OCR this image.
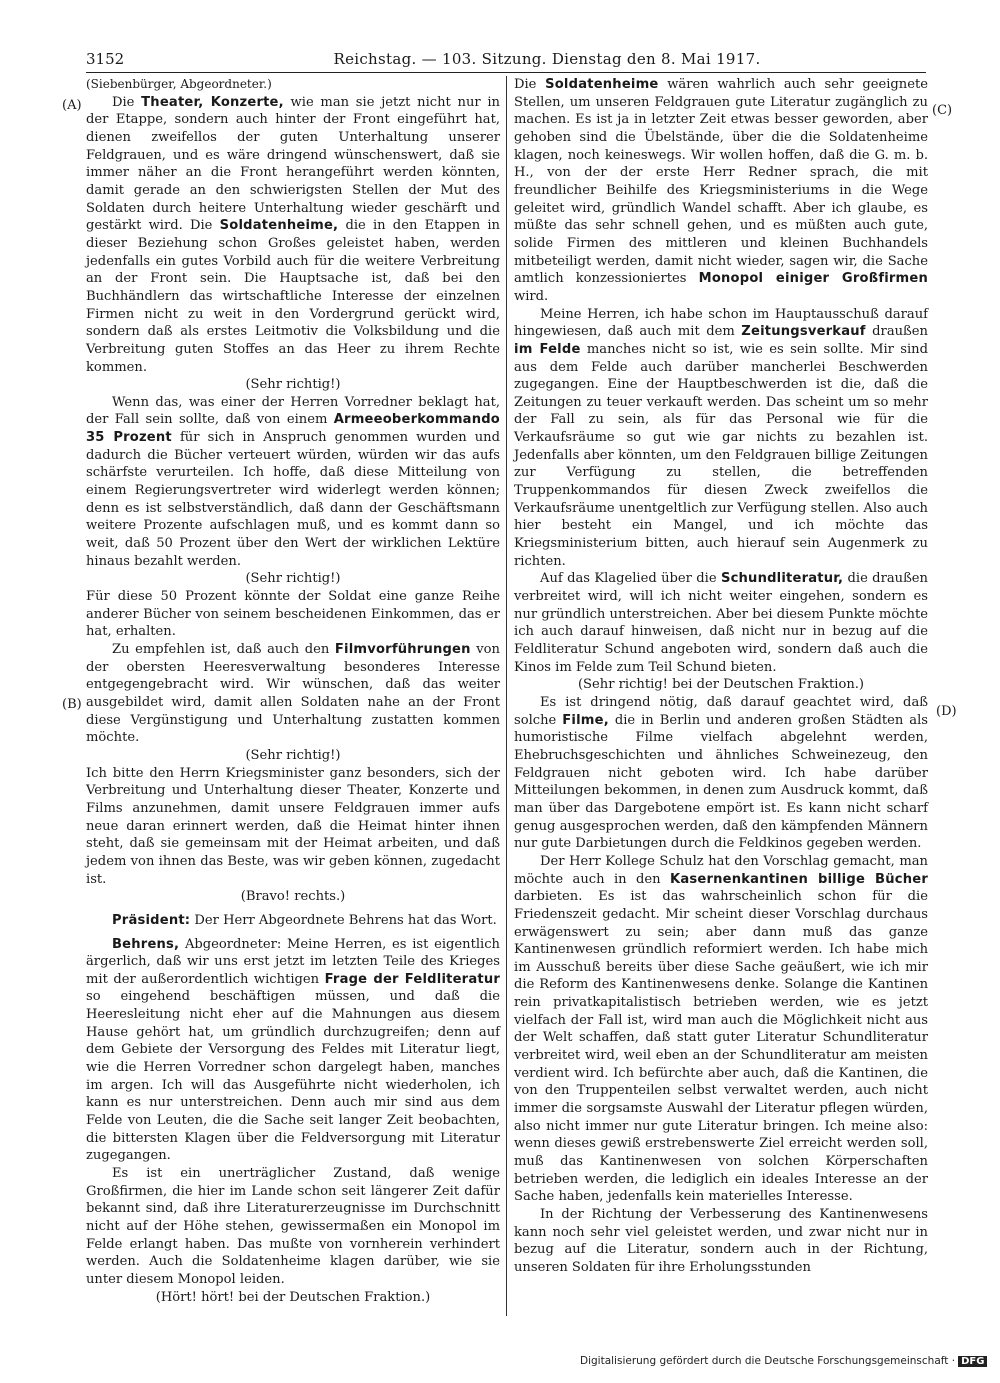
3152	Reichstag. — 103. Sitzung. Dienstag den 8. Mai 1917.
(A)
(B)
(C)
(D)

(Siebenbürger, Abgeordneter.)

Die Theater, Konzerte, wie man sie jetzt nicht nur in der Etappe, sondern auch hinter der Front eingeführt hat, dienen zweifellos der guten Unterhaltung unserer Feldgrauen, und es wäre dringend wünschenswert, daß sie immer näher an die Front herangeführt werden könnten, damit gerade an den schwierigsten Stellen der Mut des Soldaten durch heitere Unterhaltung wieder geschärft und gestärkt wird. Die Soldatenheime, die in den Etappen in dieser Beziehung schon Großes geleistet haben, werden jedenfalls ein gutes Vorbild auch für die weitere Verbreitung an der Front sein. Die Hauptsache ist, daß bei den Buchhändlern das wirtschaftliche Interesse der einzelnen Firmen nicht zu weit in den Vordergrund gerückt wird, sondern daß als erstes Leitmotiv die Volksbildung und die Verbreitung guten Stoffes an das Heer zu ihrem Rechte kommen.

(Sehr richtig!)

Wenn das, was einer der Herren Vorredner beklagt hat, der Fall sein sollte, daß von einem Armeeoberkommando 35 Prozent für sich in Anspruch genommen wurden und dadurch die Bücher verteuert würden, würden wir das aufs schärfste verurteilen. Ich hoffe, daß diese Mitteilung von einem Regierungsvertreter wird widerlegt werden können; denn es ist selbstverständlich, daß dann der Geschäftsmann weitere Prozente aufschlagen muß, und es kommt dann so weit, daß 50 Prozent über den Wert der wirklichen Lektüre hinaus bezahlt werden.

(Sehr richtig!)

Für diese 50 Prozent könnte der Soldat eine ganze Reihe anderer Bücher von seinem bescheidenen Einkommen, das er hat, erhalten.

Zu empfehlen ist, daß auch den Filmvorführungen von der obersten Heeresverwaltung besonderes Interesse entgegengebracht wird. Wir wünschen, daß das weiter ausgebildet wird, damit allen Soldaten nahe an der Front diese Vergünstigung und Unterhaltung zustatten kommen möchte.

(Sehr richtig!)

Ich bitte den Herrn Kriegsminister ganz besonders, sich der Verbreitung und Unterhaltung dieser Theater, Konzerte und Films anzunehmen, damit unsere Feldgrauen immer aufs neue daran erinnert werden, daß die Heimat hinter ihnen steht, daß sie gemeinsam mit der Heimat arbeiten, und daß jedem von ihnen das Beste, was wir geben können, zugedacht ist.

(Bravo! rechts.)

Präsident: Der Herr Abgeordnete Behrens hat das Wort.

Behrens, Abgeordneter: Meine Herren, es ist eigentlich ärgerlich, daß wir uns erst jetzt im letzten Teile des Krieges mit der außerordentlich wichtigen Frage der Feldliteratur so eingehend beschäftigen müssen, und daß die Heeresleitung nicht eher auf die Mahnungen aus diesem Hause gehört hat, um gründlich durchzugreifen; denn auf dem Gebiete der Versorgung des Feldes mit Literatur liegt, wie die Herren Vorredner schon dargelegt haben, manches im argen. Ich will das Ausgeführte nicht wiederholen, ich kann es nur unterstreichen. Denn auch mir sind aus dem Felde von Leuten, die die Sache seit langer Zeit beobachten, die bittersten Klagen über die Feldversorgung mit Literatur zugegangen.

Es ist ein unerträglicher Zustand, daß wenige Großfirmen, die hier im Lande schon seit längerer Zeit dafür bekannt sind, daß ihre Literaturerzeugnisse im Durchschnitt nicht auf der Höhe stehen, gewissermaßen ein Monopol im Felde erlangt haben. Das mußte von vornherein verhindert werden. Auch die Soldatenheime klagen darüber, wie sie unter diesem Monopol leiden.

(Hört! hört! bei der Deutschen Fraktion.)

Die Soldatenheime wären wahrlich auch sehr geeignete Stellen, um unseren Feldgrauen gute Literatur zugänglich zu machen. Es ist ja in letzter Zeit etwas besser geworden, aber gehoben sind die Übelstände, über die die Soldatenheime klagen, noch keineswegs. Wir wollen hoffen, daß die G. m. b. H., von der der erste Herr Redner sprach, die mit freundlicher Beihilfe des Kriegsministeriums in die Wege geleitet wird, gründlich Wandel schafft. Aber ich glaube, es müßte das sehr schnell gehen, und es müßten auch gute, solide Firmen des mittleren und kleinen Buchhandels mitbeteiligt werden, damit nicht wieder, sagen wir, die Sache amtlich konzessioniertes Monopol einiger Großfirmen wird.

Meine Herren, ich habe schon im Hauptausschuß darauf hingewiesen, daß auch mit dem Zeitungsverkauf draußen im Felde manches nicht so ist, wie es sein sollte. Mir sind aus dem Felde auch darüber mancherlei Beschwerden zugegangen. Eine der Hauptbeschwerden ist die, daß die Zeitungen zu teuer verkauft werden. Das scheint um so mehr der Fall zu sein, als für das Personal wie für die Verkaufsräume so gut wie gar nichts zu bezahlen ist. Jedenfalls aber könnten, um den Feldgrauen billige Zeitungen zur Verfügung zu stellen, die betreffenden Truppenkommandos für diesen Zweck zweifellos die Verkaufsräume unentgeltlich zur Verfügung stellen. Also auch hier besteht ein Mangel, und ich möchte das Kriegsministerium bitten, auch hierauf sein Augenmerk zu richten.

Auf das Klagelied über die Schundliteratur, die draußen verbreitet wird, will ich nicht weiter eingehen, sondern es nur gründlich unterstreichen. Aber bei diesem Punkte möchte ich auch darauf hinweisen, daß nicht nur in bezug auf die Feldliteratur Schund angeboten wird, sondern daß auch die Kinos im Felde zum Teil Schund bieten.

(Sehr richtig! bei der Deutschen Fraktion.)

Es ist dringend nötig, daß darauf geachtet wird, daß solche Filme, die in Berlin und anderen großen Städten als humoristische Filme vielfach abgelehnt werden, Ehebruchsgeschichten und ähnliches Schweinezeug, den Feldgrauen nicht geboten wird. Ich habe darüber Mitteilungen bekommen, in denen zum Ausdruck kommt, daß man über das Dargebotene empört ist. Es kann nicht scharf genug ausgesprochen werden, daß den kämpfenden Männern nur gute Darbietungen durch die Feldkinos gegeben werden.

Der Herr Kollege Schulz hat den Vorschlag gemacht, man möchte auch in den Kasernenkantinen billige Bücher darbieten. Es ist das wahrscheinlich schon für die Friedenszeit gedacht. Mir scheint dieser Vorschlag durchaus erwägenswert zu sein; aber dann muß das ganze Kantinenwesen gründlich reformiert werden. Ich habe mich im Ausschuß bereits über diese Sache geäußert, wie ich mir die Reform des Kantinenwesens denke. Solange die Kantinen rein privatkapitalistisch betrieben werden, wie es jetzt vielfach der Fall ist, wird man auch die Möglichkeit nicht aus der Welt schaffen, daß statt guter Literatur Schundliteratur verbreitet wird, weil eben an der Schundliteratur am meisten verdient wird. Ich befürchte aber auch, daß die Kantinen, die von den Truppenteilen selbst verwaltet werden, auch nicht immer die sorgsamste Auswahl der Literatur pflegen würden, also nicht immer nur gute Literatur bringen. Ich meine also: wenn dieses gewiß erstrebenswerte Ziel erreicht werden soll, muß das Kantinenwesen von solchen Körperschaften betrieben werden, die lediglich ein ideales Interesse an der Sache haben, jedenfalls kein materielles Interesse.

In der Richtung der Verbesserung des Kantinenwesens kann noch sehr viel geleistet werden, und zwar nicht nur in bezug auf die Literatur, sondern auch in der Richtung, unseren Soldaten für ihre Erholungsstunden

Digitalisierung gefördert durch die Deutsche Forschungsgemeinschaft · DFG
